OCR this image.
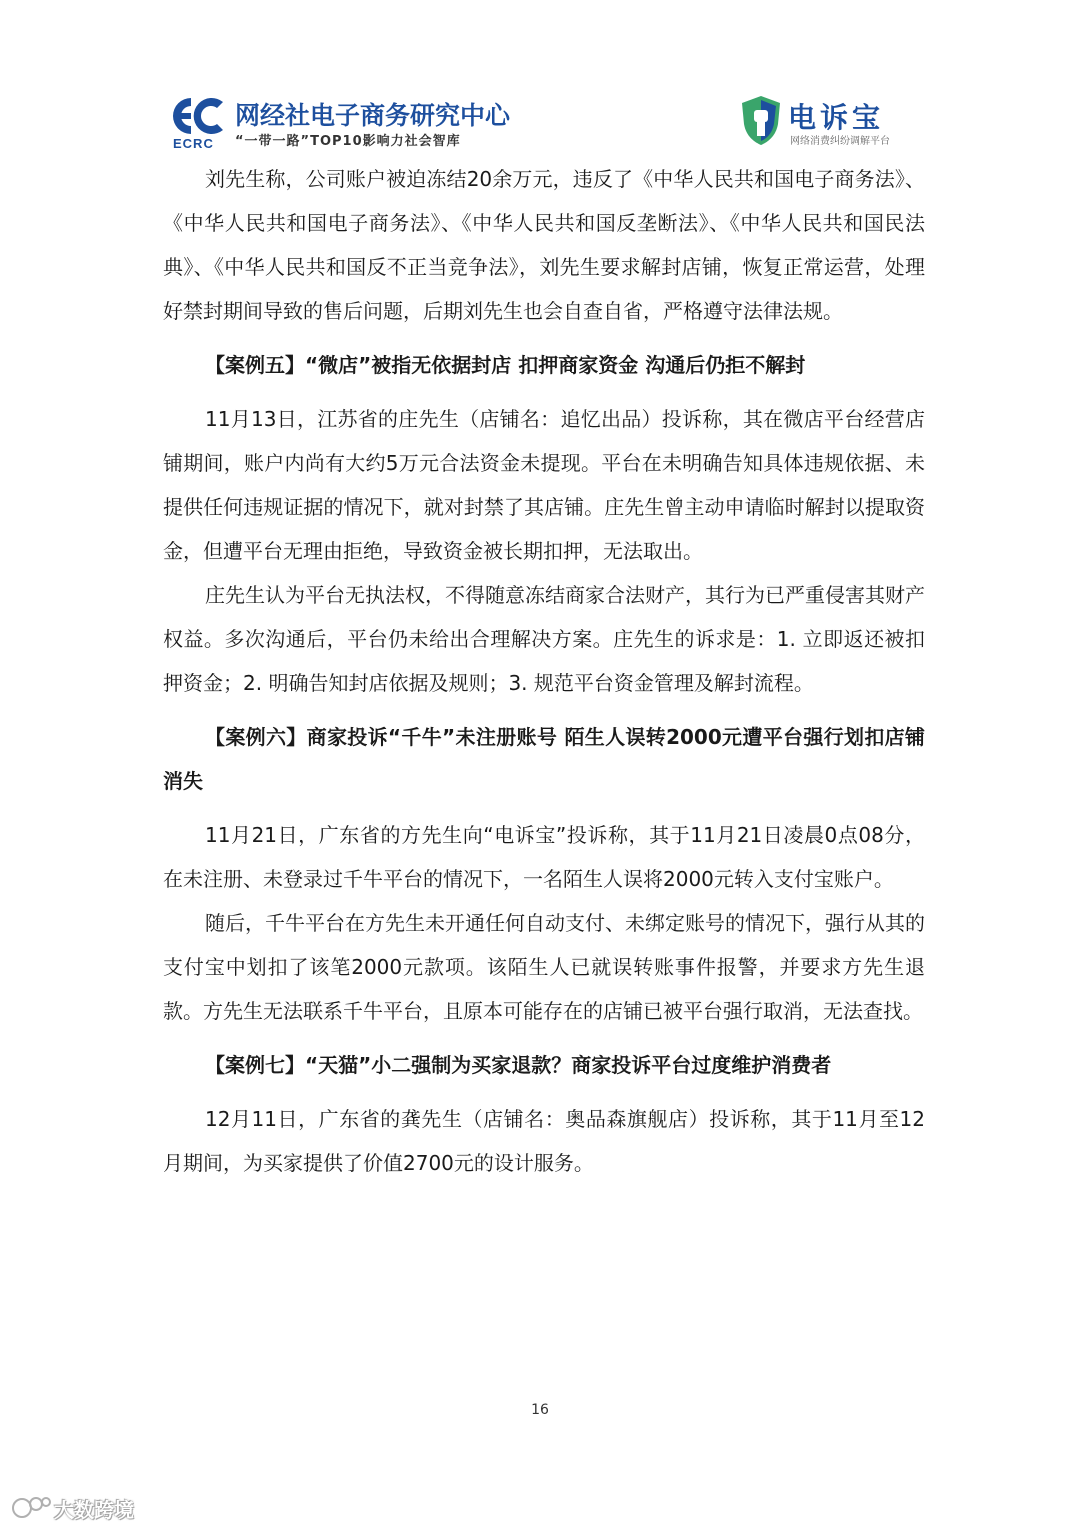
ECRC
网经社电子商务研究中心
“一带一路”TOP10影响力社会智库
电诉宝
网络消费纠纷调解平台

刘先生称，公司账户被迫冻结20余万元，违反了《中华人民共和国电子商务法》、《中华人民共和国电子商务法》、《中华人民共和国反垄断法》、《中华人民共和国民法典》、《中华人民共和国反不正当竞争法》，刘先生要求解封店铺，恢复正常运营，处理好禁封期间导致的售后问题，后期刘先生也会自查自省，严格遵守法律法规。

【案例五】“微店”被指无依据封店 扣押商家资金 沟通后仍拒不解封

11月13日，江苏省的庄先生（店铺名：追忆出品）投诉称，其在微店平台经营店铺期间，账户内尚有大约5万元合法资金未提现。平台在未明确告知具体违规依据、未提供任何违规证据的情况下，就对封禁了其店铺。庄先生曾主动申请临时解封以提取资金，但遭平台无理由拒绝，导致资金被长期扣押，无法取出。

庄先生认为平台无执法权，不得随意冻结商家合法财产，其行为已严重侵害其财产权益。多次沟通后，平台仍未给出合理解决方案。庄先生的诉求是：1. 立即返还被扣押资金；2. 明确告知封店依据及规则；3. 规范平台资金管理及解封流程。

【案例六】商家投诉“千牛”未注册账号 陌生人误转2000元遭平台强行划扣店铺消失

11月21日，广东省的方先生向“电诉宝”投诉称，其于11月21日凌晨0点08分，在未注册、未登录过千牛平台的情况下，一名陌生人误将2000元转入支付宝账户。

随后，千牛平台在方先生未开通任何自动支付、未绑定账号的情况下，强行从其的支付宝中划扣了该笔2000元款项。该陌生人已就误转账事件报警，并要求方先生退款。方先生无法联系千牛平台，且原本可能存在的店铺已被平台强行取消，无法查找。

【案例七】“天猫”小二强制为买家退款？商家投诉平台过度维护消费者

12月11日，广东省的龚先生（店铺名：奥品森旗舰店）投诉称，其于11月至12月期间，为买家提供了价值2700元的设计服务。

16
大数跨境
